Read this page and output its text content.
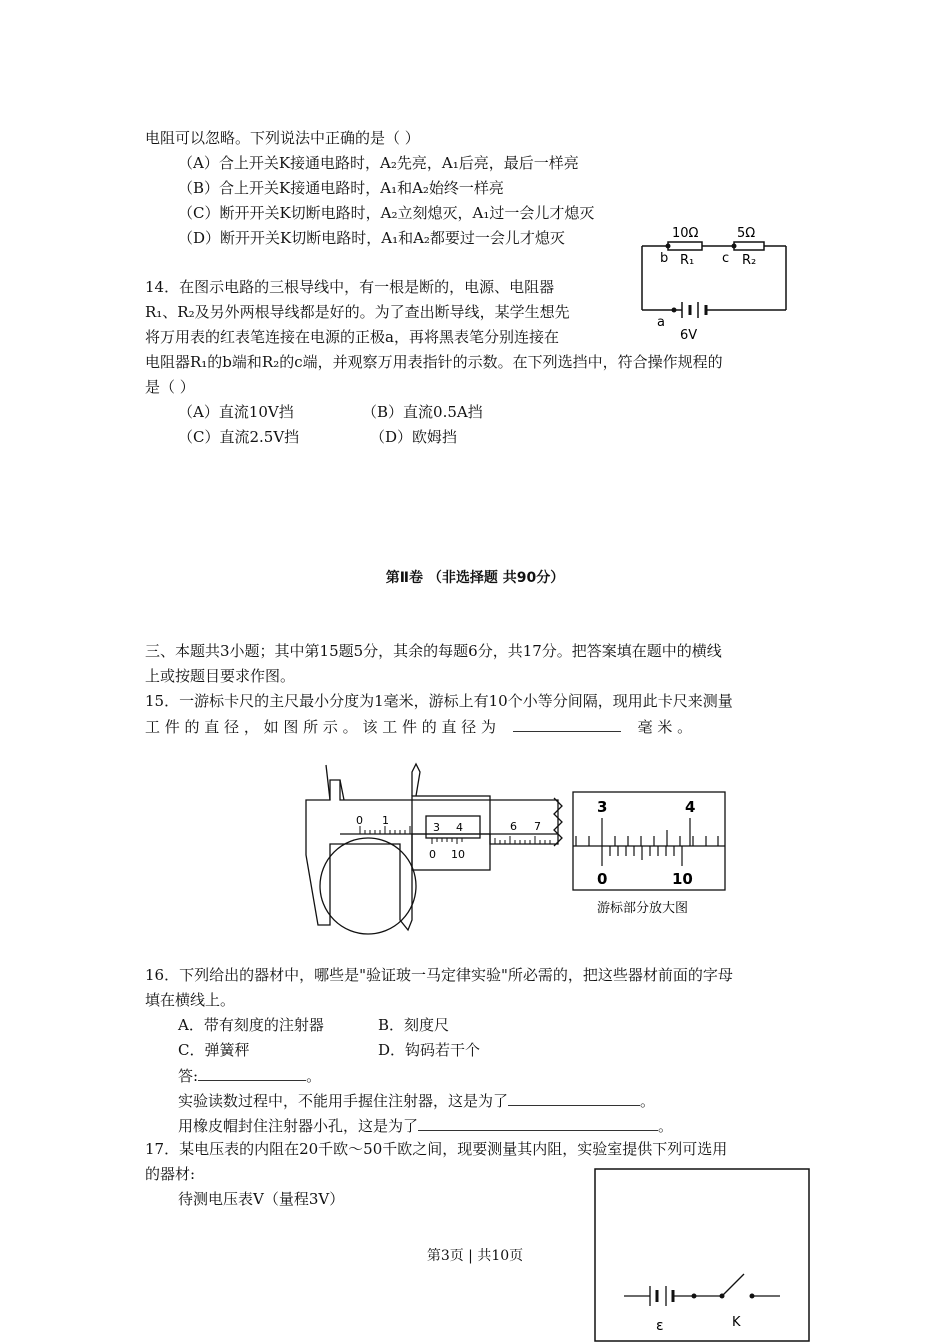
电阻可以忽略。下列说法中正确的是（ ）
（A）合上开关K接通电路时，A₂先亮，A₁后亮，最后一样亮
（B）合上开关K接通电路时，A₁和A₂始终一样亮
（C）断开开关K切断电路时，A₂立刻熄灭，A₁过一会儿才熄灭
（D）断开开关K切断电路时，A₁和A₂都要过一会儿才熄灭
14．在图示电路的三根导线中，有一根是断的，电源、电阻器
R₁、R₂及另外两根导线都是好的。为了查出断导线，某学生想先
将万用表的红表笔连接在电源的正极a，再将黑表笔分别连接在
电阻器R₁的b端和R₂的c端，并观察万用表指针的示数。在下列选挡中，符合操作规程的
是（ ）
（A）直流10V挡	（B）直流0.5A挡
（C）直流2.5V挡	（D）欧姆挡
10Ω	5Ω
b R₁ c R₂
a
6V
第Ⅱ卷 （非选择题 共90分）
三、本题共3小题；其中第15题5分，其余的每题6分，共17分。把答案填在题中的横线
上或按题目要求作图。
15．一游标卡尺的主尺最小分度为1毫米，游标上有10个小等分间隔，现用此卡尺来测量
工 件 的 直 径 ， 如 图 所 示 。 该 工 件 的 直 径 为	毫 米 。
0 1
3 4	6 7
0 10
3	4
0	10
游标部分放大图
16．下列给出的器材中，哪些是"验证玻一马定律实验"所必需的，把这些器材前面的字母
填在横线上。
A．带有刻度的注射器	B．刻度尺
C．弹簧秤	D．钩码若干个
答:	。
实验读数过程中，不能用手握住注射器，这是为了	。
用橡皮帽封住注射器小孔，这是为了	。
17．某电压表的内阻在20千欧～50千欧之间，现要测量其内阻，实验室提供下列可选用
的器材:
待测电压表V（量程3V）
ε	K
第3页 | 共10页
